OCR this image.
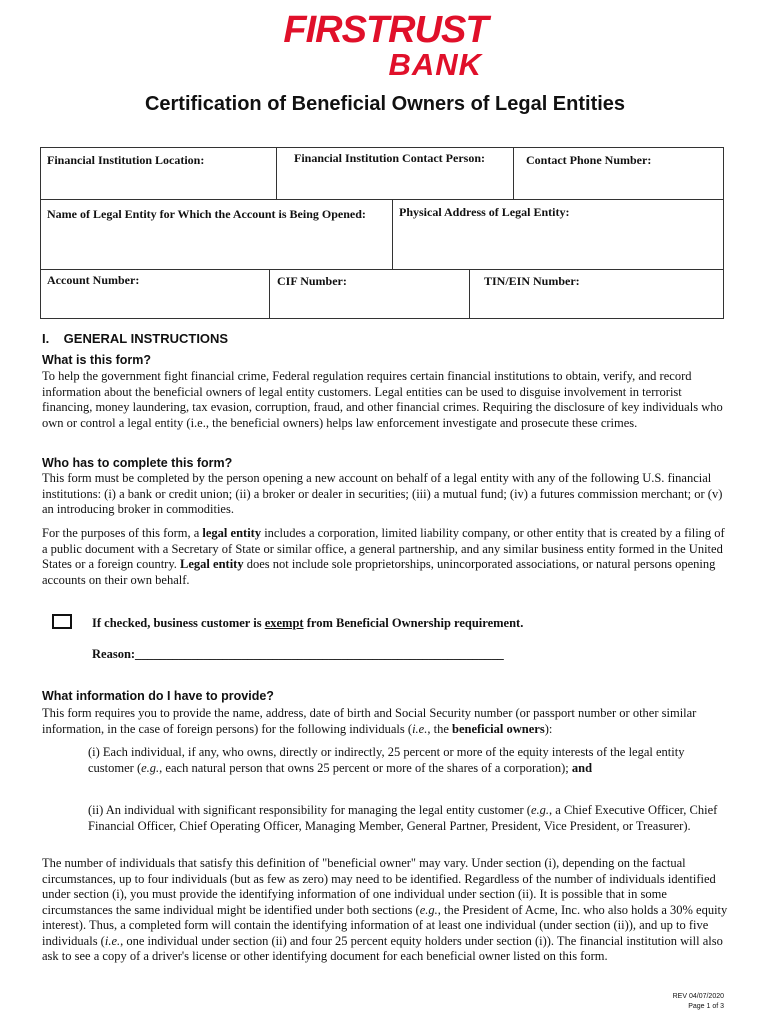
FIRSTRUST
BANK
Certification of Beneficial Owners of Legal Entities
Financial Institution Location:	Financial Institution Contact Person:	Contact Phone Number:
Name of Legal Entity for Which the Account is Being Opened:	Physical Address of Legal Entity:
Account Number:	CIF Number:	TIN/EIN Number:
I.    GENERAL INSTRUCTIONS
What is this form?
To help the government fight financial crime, Federal regulation requires certain financial institutions to obtain, verify, and record information about the beneficial owners of legal entity customers. Legal entities can be used to disguise involvement in terrorist financing, money laundering, tax evasion, corruption, fraud, and other financial crimes. Requiring the disclosure of key individuals who own or control a legal entity (i.e., the beneficial owners) helps law enforcement investigate and prosecute these crimes.
Who has to complete this form?
This form must be completed by the person opening a new account on behalf of a legal entity with any of the following U.S. financial institutions: (i) a bank or credit union; (ii) a broker or dealer in securities; (iii) a mutual fund; (iv) a futures commission merchant; or (v) an introducing broker in commodities.
For the purposes of this form, a legal entity includes a corporation, limited liability company, or other entity that is created by a filing of a public document with a Secretary of State or similar office, a general partnership, and any similar business entity formed in the United States or a foreign country. Legal entity does not include sole proprietorships, unincorporated associations, or natural persons opening accounts on their own behalf.
If checked, business customer is exempt from Beneficial Ownership requirement.
Reason:___________________________________________________________
What information do I have to provide?
This form requires you to provide the name, address, date of birth and Social Security number (or passport number or other similar information, in the case of foreign persons) for the following individuals (i.e., the beneficial owners):
(i) Each individual, if any, who owns, directly or indirectly, 25 percent or more of the equity interests of the legal entity customer (e.g., each natural person that owns 25 percent or more of the shares of a corporation); and
(ii) An individual with significant responsibility for managing the legal entity customer (e.g., a Chief Executive Officer, Chief Financial Officer, Chief Operating Officer, Managing Member, General Partner, President, Vice President, or Treasurer).
The number of individuals that satisfy this definition of "beneficial owner" may vary. Under section (i), depending on the factual circumstances, up to four individuals (but as few as zero) may need to be identified. Regardless of the number of individuals identified under section (i), you must provide the identifying information of one individual under section (ii). It is possible that in some circumstances the same individual might be identified under both sections (e.g., the President of Acme, Inc. who also holds a 30% equity interest). Thus, a completed form will contain the identifying information of at least one individual (under section (ii)), and up to five individuals (i.e., one individual under section (ii) and four 25 percent equity holders under section (i)). The financial institution will also ask to see a copy of a driver's license or other identifying document for each beneficial owner listed on this form.
REV 04/07/2020
Page 1 of 3
